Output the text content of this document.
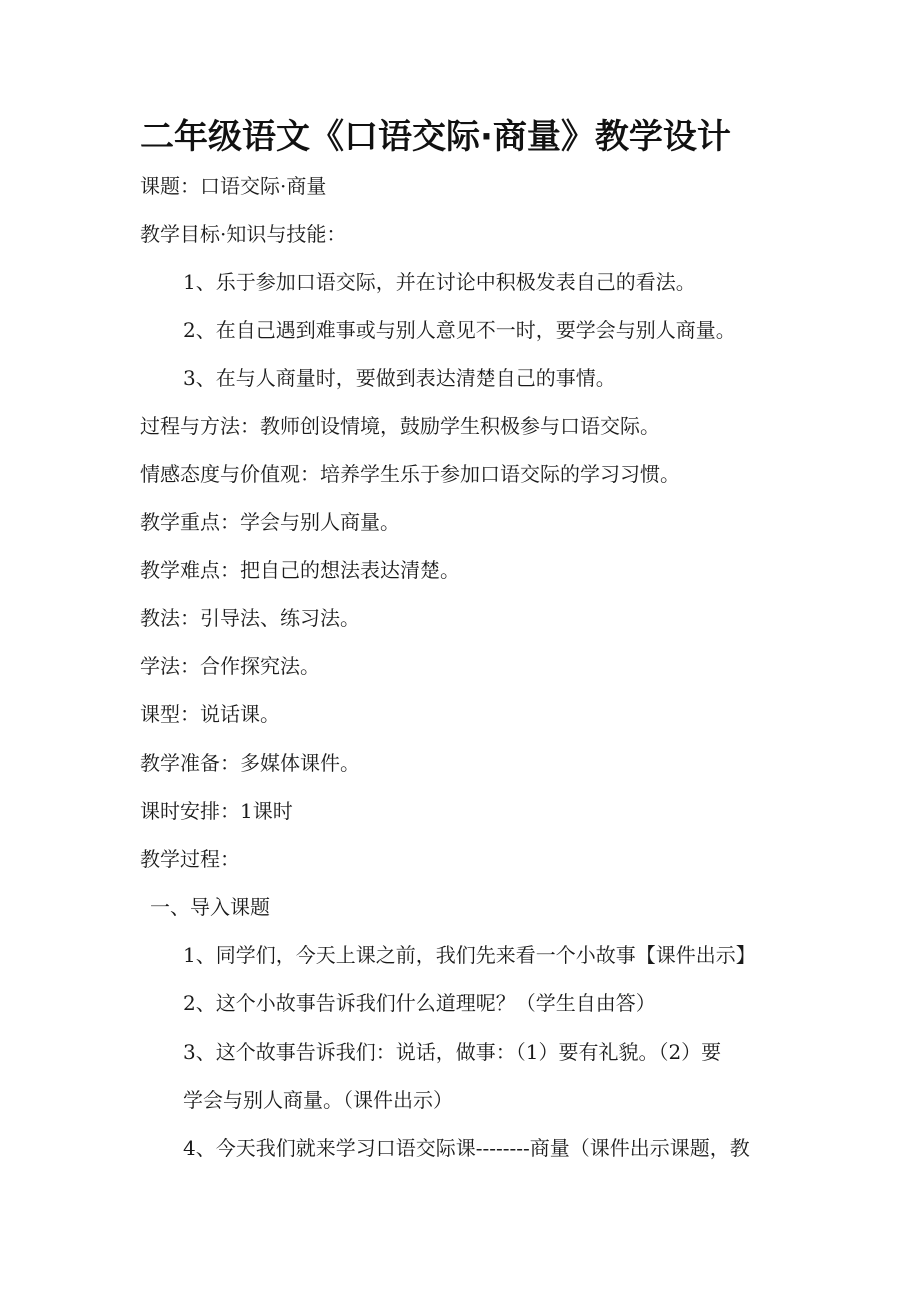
二年级语文《口语交际·商量》教学设计
课题：口语交际·商量
教学目标·知识与技能：
1、乐于参加口语交际，并在讨论中积极发表自己的看法。
2、在自己遇到难事或与别人意见不一时，要学会与别人商量。
3、在与人商量时，要做到表达清楚自己的事情。
过程与方法：教师创设情境，鼓励学生积极参与口语交际。
情感态度与价值观：培养学生乐于参加口语交际的学习习惯。
教学重点：学会与别人商量。
教学难点：把自己的想法表达清楚。
教法：引导法、练习法。
学法：合作探究法。
课型：说话课。
教学准备：多媒体课件。
课时安排：1课时
教学过程：
一、导入课题
1、同学们，今天上课之前，我们先来看一个小故事【课件出示】
2、这个小故事告诉我们什么道理呢？（学生自由答）
3、这个故事告诉我们：说话，做事：（1）要有礼貌。（2）要
学会与别人商量。（课件出示）
4、今天我们就来学习口语交际课--------商量（课件出示课题，教
